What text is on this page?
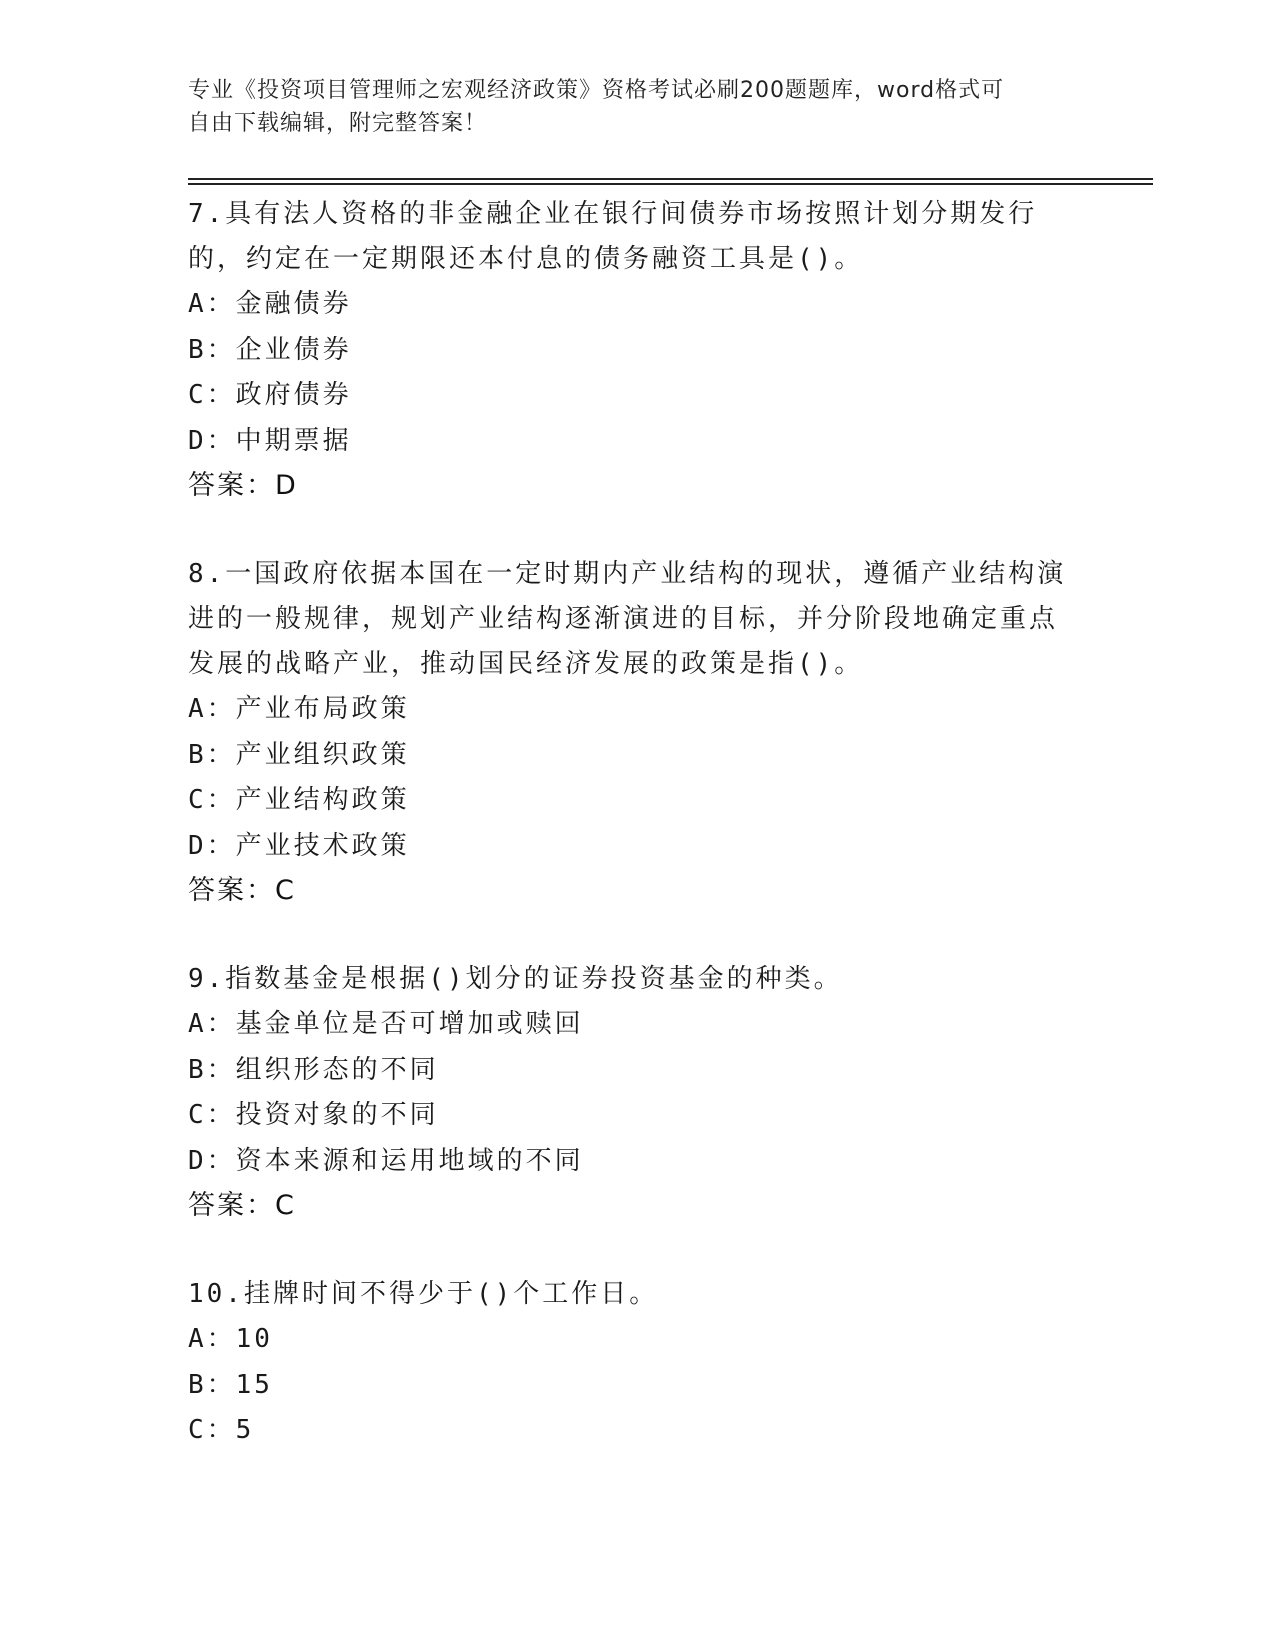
专业《投资项目管理师之宏观经济政策》资格考试必刷200题题库，word格式可
自由下载编辑，附完整答案！

7.具有法人资格的非金融企业在银行间债券市场按照计划分期发行的，约定在一定期限还本付息的债务融资工具是()。

A：金融债券

B：企业债券

C：政府债券

D：中期票据

答案：D

8.一国政府依据本国在一定时期内产业结构的现状，遵循产业结构演进的一般规律，规划产业结构逐渐演进的目标，并分阶段地确定重点发展的战略产业，推动国民经济发展的政策是指()。

A：产业布局政策

B：产业组织政策

C：产业结构政策

D：产业技术政策

答案：C

9.指数基金是根据()划分的证券投资基金的种类。

A：基金单位是否可增加或赎回

B：组织形态的不同

C：投资对象的不同

D：资本来源和运用地域的不同

答案：C

10.挂牌时间不得少于()个工作日。

A：10

B：15

C：5
